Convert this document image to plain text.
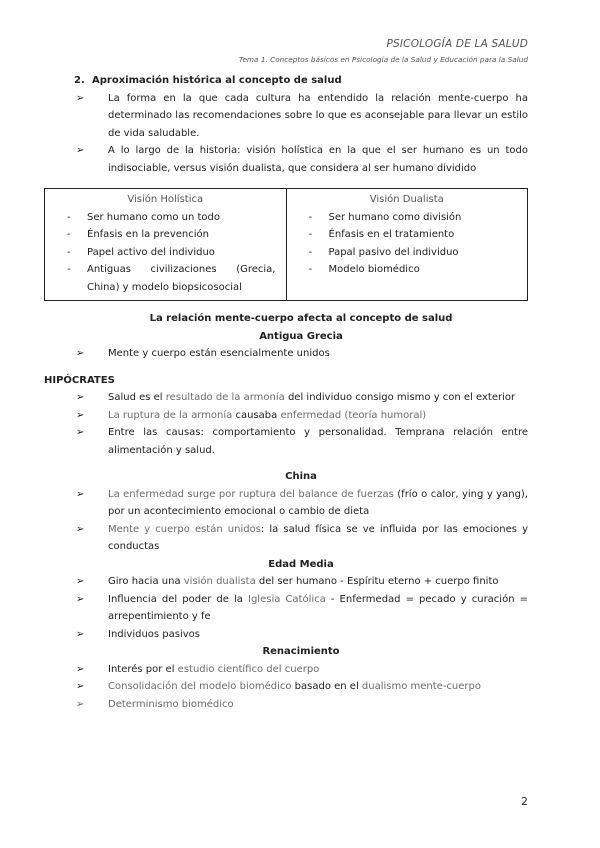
PSICOLOGÍA DE LA SALUD
Tema 1. Conceptos básicos en Psicología de la Salud y Educación para la Salud
2. Aproximación histórica al concepto de salud
➢ La forma en la que cada cultura ha entendido la relación mente-cuerpo ha determinado las recomendaciones sobre lo que es aconsejable para llevar un estilo de vida saludable.
➢ A lo largo de la historia: visión holística en la que el ser humano es un todo indisociable, versus visión dualista, que considera al ser humano dividido
Visión Holística
- Ser humano como un todo
- Énfasis en la prevención
- Papel activo del individuo
- Antiguas civilizaciones (Grecia, China) y modelo biopsicosocial

Visión Dualista
- Ser humano como división
- Énfasis en el tratamiento
- Papal pasivo del individuo
- Modelo biomédico
La relación mente-cuerpo afecta al concepto de salud
Antigua Grecia
➢ Mente y cuerpo están esencialmente unidos
HIPÓCRATES
➢ Salud es el resultado de la armonía del individuo consigo mismo y con el exterior
➢ La ruptura de la armonía causaba enfermedad (teoría humoral)
➢ Entre las causas: comportamiento y personalidad. Temprana relación entre alimentación y salud.
China
➢ La enfermedad surge por ruptura del balance de fuerzas (frío o calor, ying y yang), por un acontecimiento emocional o cambio de dieta
➢ Mente y cuerpo están unidos: la salud física se ve influida por las emociones y conductas
Edad Media
➢ Giro hacia una visión dualista del ser humano - Espíritu eterno + cuerpo finito
➢ Influencia del poder de la Iglesia Católica - Enfermedad = pecado y curación = arrepentimiento y fe
➢ Individuos pasivos
Renacimiento
➢ Interés por el estudio científico del cuerpo
➢ Consolidación del modelo biomédico basado en el dualismo mente-cuerpo
➢ Determinismo biomédico
2
